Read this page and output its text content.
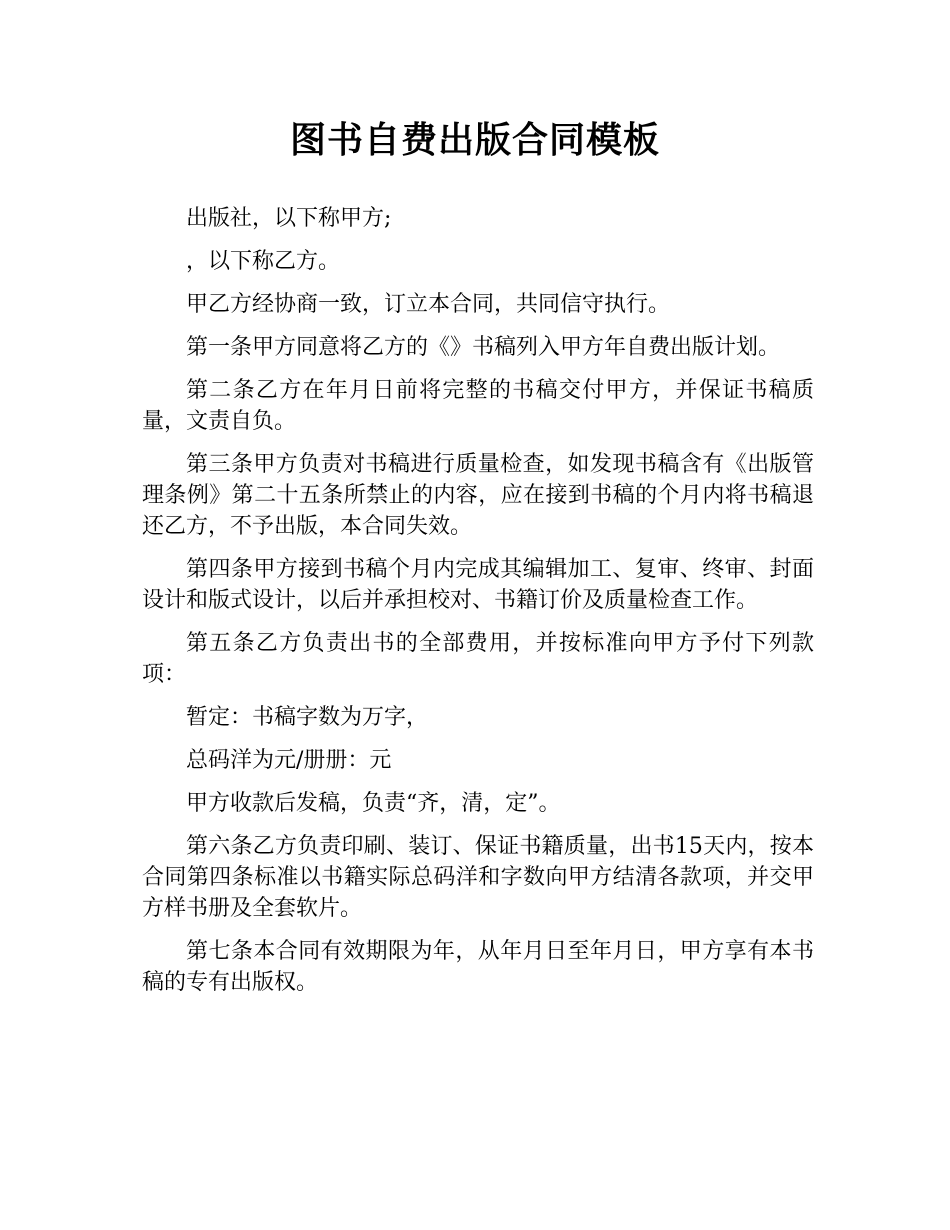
图书自费出版合同模板

出版社，以下称甲方;

，以下称乙方。

甲乙方经协商一致，订立本合同，共同信守执行。

第一条甲方同意将乙方的《》书稿列入甲方年自费出版计划。

第二条乙方在年月日前将完整的书稿交付甲方，并保证书稿质量，文责自负。

第三条甲方负责对书稿进行质量检查，如发现书稿含有《出版管理条例》第二十五条所禁止的内容，应在接到书稿的个月内将书稿退还乙方，不予出版，本合同失效。

第四条甲方接到书稿个月内完成其编辑加工、复审、终审、封面设计和版式设计，以后并承担校对、书籍订价及质量检查工作。

第五条乙方负责出书的全部费用，并按标准向甲方予付下列款项：

暂定：书稿字数为万字，

总码洋为元/册册：元

甲方收款后发稿，负责“齐，清，定”。

第六条乙方负责印刷、装订、保证书籍质量，出书15天内，按本合同第四条标准以书籍实际总码洋和字数向甲方结清各款项，并交甲方样书册及全套软片。

第七条本合同有效期限为年，从年月日至年月日，甲方享有本书稿的专有出版权。
